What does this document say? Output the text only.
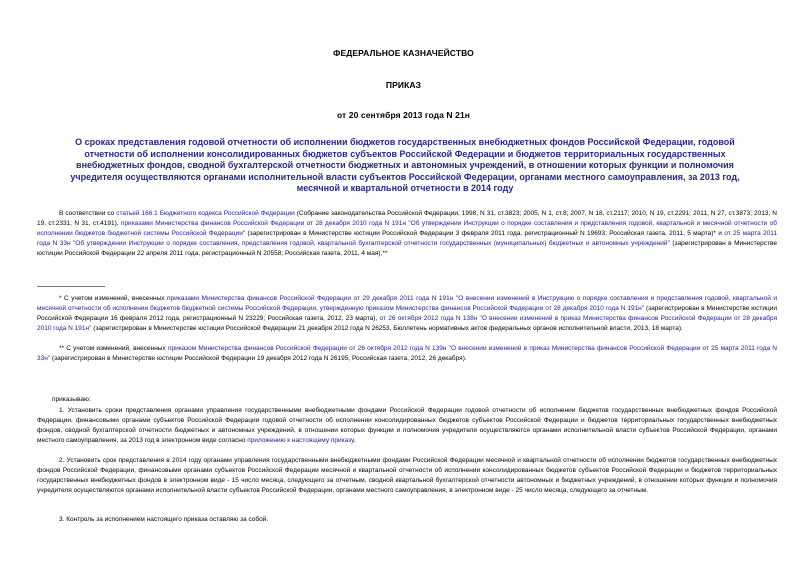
ФЕДЕРАЛЬНОЕ КАЗНАЧЕЙСТВО
ПРИКАЗ
от 20 сентября 2013 года N 21н
О сроках представления годовой отчетности об исполнении бюджетов государственных внебюджетных фондов Российской Федерации, годовой отчетности об исполнении консолидированных бюджетов субъектов Российской Федерации и бюджетов территориальных государственных внебюджетных фондов, сводной бухгалтерской отчетности бюджетных и автономных учреждений, в отношении которых функции и полномочия учредителя осуществляются органами исполнительной власти субъектов Российской Федерации, органами местного самоуправления, за 2013 год, месячной и квартальной отчетности в 2014 году
В соответствии со статьей 166.1 Бюджетного кодекса Российской Федерации (Собрание законодательства Российской Федерации, 1998, N 31, ст.3823; 2005, N 1, ст.8; 2007, N 18, ст.2117; 2010, N 19, ст.2291; 2011, N 27, ст.3873; 2013, N 19, ст.2331; N 31, ст.4191), приказами Министерства финансов Российской Федерации от 28 декабря 2010 года N 191н "Об утверждении Инструкции о порядке составления и представления годовой, квартальной и месячной отчетности об исполнении бюджетов бюджетной системы Российской Федерации" (зарегистрирован в Министерстве юстиции Российской Федерации 3 февраля 2011 года, регистрационный N 19693; Российская газета, 2011, 5 марта)* и от 25 марта 2011 года N 33н "Об утверждении Инструкции о порядке составления, представления годовой, квартальной бухгалтерской отчетности государственных (муниципальных) бюджетных и автономных учреждений" (зарегистрирован в Министерстве юстиции Российской Федерации 22 апреля 2011 года, регистрационный N 20558; Российская газета, 2011, 4 мая),**
* С учетом изменений, внесенных приказами Министерства финансов Российской Федерации от 29 декабря 2011 года N 191н "О внесении изменений в Инструкцию о порядке составления и представления годовой, квартальной и месячной отчетности об исполнении бюджетов бюджетной системы Российской Федерации, утвержденную приказом Министерства финансов Российской Федерации от 28 декабря 2010 года N 191н" (зарегистрирован в Министерстве юстиции Российской Федерации 16 февраля 2012 года, регистрационный N 23229; Российская газета, 2012, 23 марта), от 26 октября 2012 года N 138н "О внесении изменений в приказ Министерства финансов Российской Федерации от 28 декабря 2010 года N 191н" (зарегистрирован в Министерстве юстиции Российской Федерации 21 декабря 2012 года N 26253, Бюллетень нормативных актов федеральных органов исполнительной власти, 2013, 18 марта).
** С учетом изменений, внесенных приказом Министерства финансов Российской Федерации от 26 октября 2012 года N 139н "О внесении изменений в приказ Министерства финансов Российской Федерации от 25 марта 2011 года N 33н" (зарегистрирован в Министерстве юстиции Российской Федерации 19 декабря 2012 года N 26195, Российская газета, 2012, 26 декабря).
приказываю:
1. Установить сроки представления органами управления государственными внебюджетными фондами Российской Федерации годовой отчетности об исполнении бюджетов государственных внебюджетных фондов Российской Федерации, финансовыми органами субъектов Российской Федерации годовой отчетности об исполнении консолидированных бюджетов субъектов Российской Федерации и бюджетов территориальных государственных внебюджетных фондов, сводной бухгалтерской отчетности бюджетных и автономных учреждений, в отношении которых функции и полномочия учредителя осуществляются органами исполнительной власти субъектов Российской Федерации, органами местного самоуправления, за 2013 год в электронном виде согласно приложению к настоящему приказу.
2. Установить срок представления в 2014 году органами управления государственными внебюджетными фондами Российской Федерации месячной и квартальной отчетности об исполнении бюджетов государственных внебюджетных фондов Российской Федерации, финансовыми органами субъектов Российской Федерации месячной и квартальной отчетности об исполнении консолидированных бюджетов субъектов Российской Федерации и бюджетов территориальных государственных внебюджетных фондов в электронном виде - 15 число месяца, следующего за отчетным, сводной квартальной бухгалтерской отчетности автономных и бюджетных учреждений, в отношении которых функции и полномочия учредителя осуществляются органами исполнительной власти субъектов Российской Федерации, органами местного самоуправления, в электронном виде - 25 число месяца, следующего за отчетным.
3. Контроль за исполнением настоящего приказа оставляю за собой.
